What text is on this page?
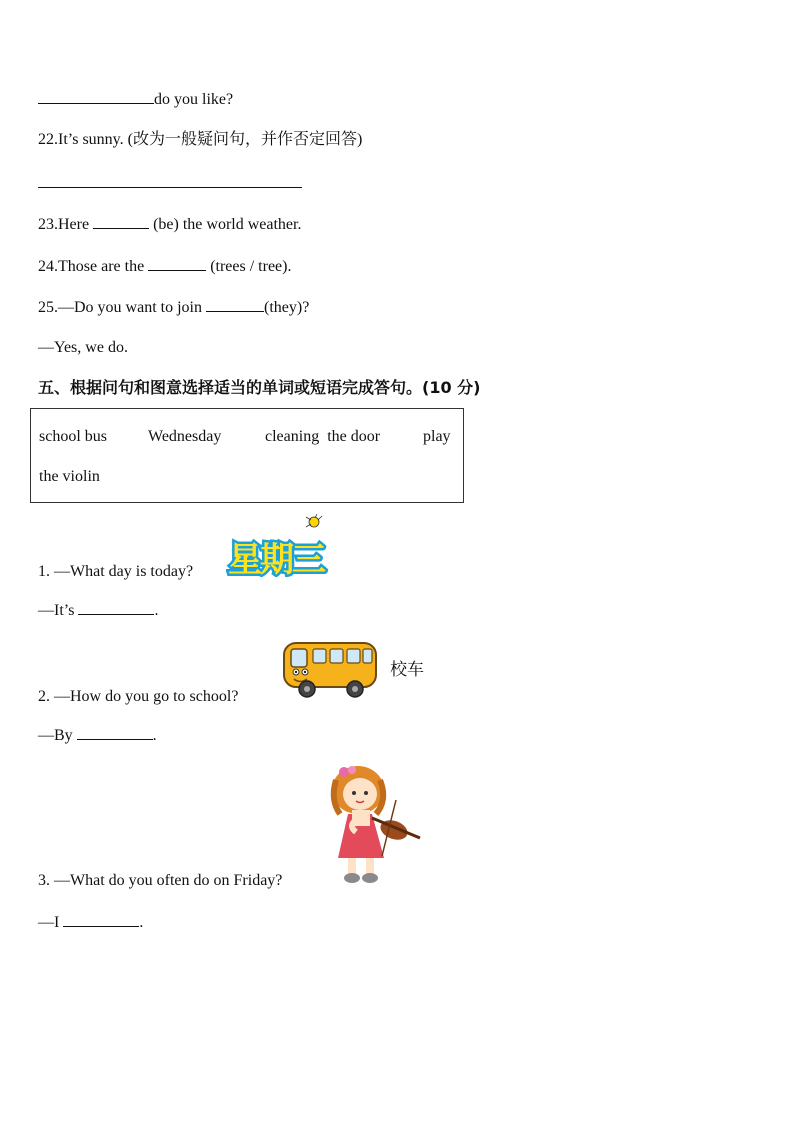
do you like?
22.It’s sunny. (改为一般疑问句，并作否定回答)
23.Here	(be) the world weather.
24.Those are the	(trees / tree).
25.—Do you want to join	(they)?
—Yes, we do.
五、根据问句和图意选择适当的单词或短语完成答句。(10 分)
school bus	Wednesday	cleaning  the door	play
the violin
1. —What day is today? 星期三
—It’s	.
校车
2. —How do you go to school?
—By	.
3. —What do you often do on Friday?
—I	.
